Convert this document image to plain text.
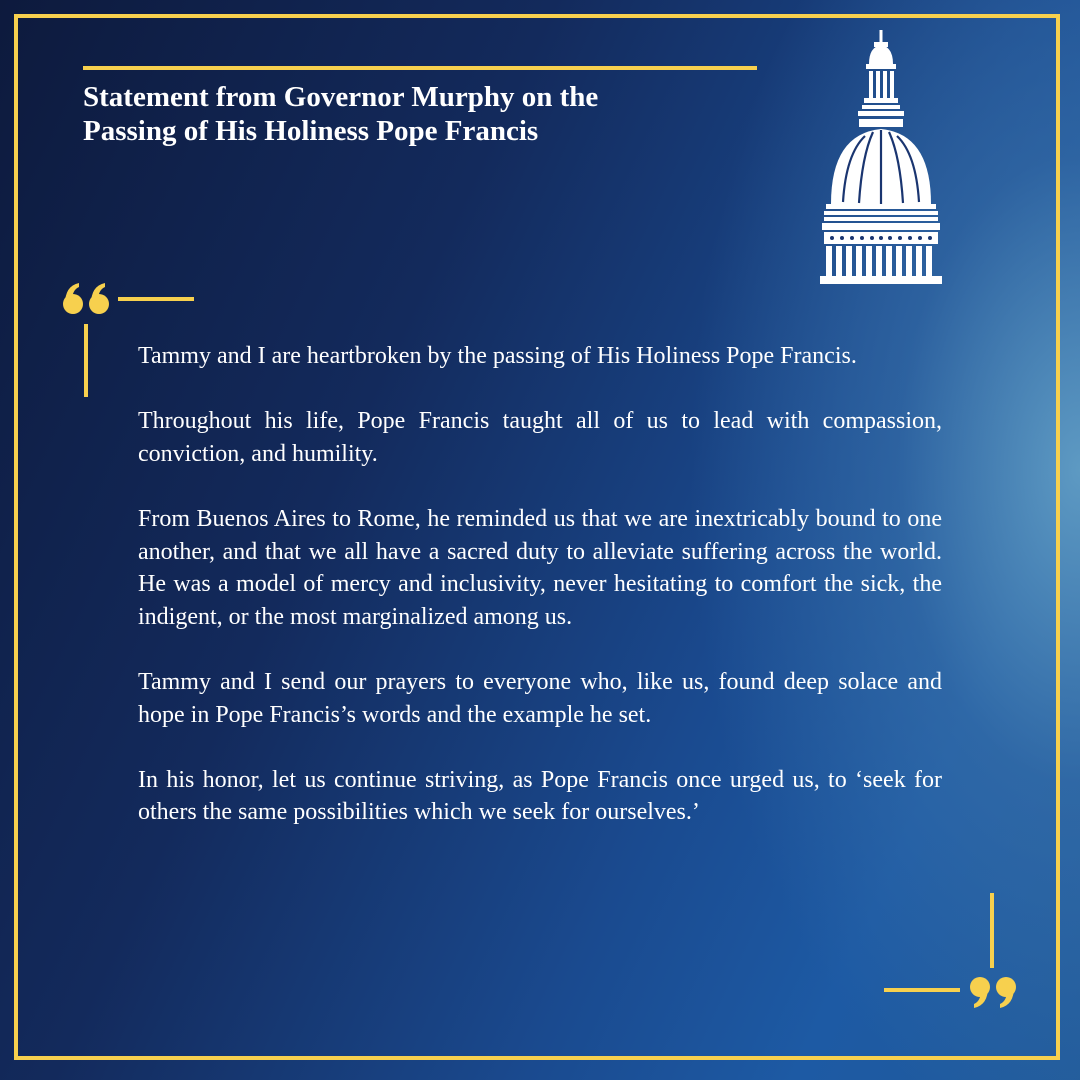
Statement from Governor Murphy on the
Passing of His Holiness Pope Francis

Tammy and I are heartbroken by the passing of His Holiness Pope Francis.

Throughout his life, Pope Francis taught all of us to lead with compassion, conviction, and humility.

From Buenos Aires to Rome, he reminded us that we are inextricably bound to one another, and that we all have a sacred duty to alleviate suffering across the world. He was a model of mercy and inclusivity, never hesitating to comfort the sick, the indigent, or the most marginalized among us.

Tammy and I send our prayers to everyone who, like us, found deep solace and hope in Pope Francis’s words and the example he set.

In his honor, let us continue striving, as Pope Francis once urged us, to ‘seek for others the same possibilities which we seek for ourselves.’
